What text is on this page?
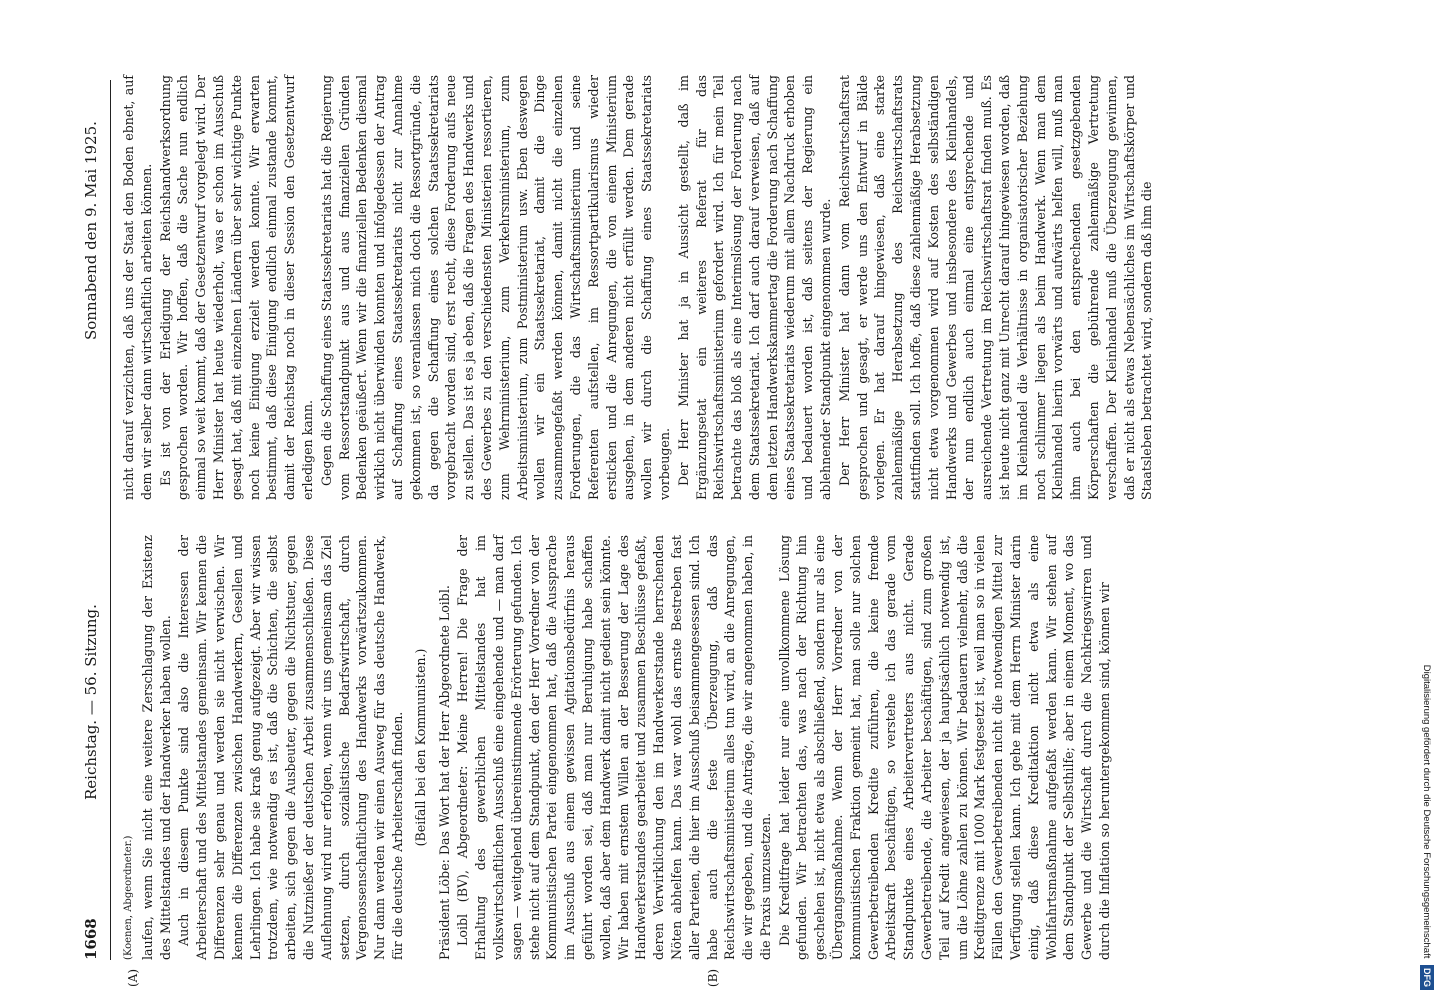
1668
Reichstag. — 56. Sitzung.
Sonnabend den 9. Mai 1925.
(A)	(B)

(Koenen, Abgeordneter.) laufen, wenn Sie nicht eine weitere Zerschlagung der Existenz des Mittelstandes und der Handwerker haben wollen. Auch in diesem Punkte sind also die Interessen der Arbeiterschaft und des Mittelstandes gemeinsam. Wir kennen die Differenzen sehr genau und werden sie nicht verwischen. Wir kennen die Differenzen zwischen Handwerkern, Gesellen und Lehrlingen. Ich habe sie kraß genug aufgezeigt. Aber wir wissen trotzdem, wie notwendig es ist, daß die Schichten, die selbst arbeiten, sich gegen die Ausbeuter, gegen die Nichtstuer, gegen die Nutznießer der deutschen Arbeit zusammenschließen. Diese Auflehnung wird nur erfolgen, wenn wir uns gemeinsam das Ziel setzen, durch sozialistische Bedarfswirtschaft, durch Vergenossenschaftlichung des Handwerks vorwärtszukommen. Nur dann werden wir einen Ausweg für das deutsche Handwerk, für die deutsche Arbeiterschaft finden. (Beifall bei den Kommunisten.) Präsident Löbe: Das Wort hat der Herr Abgeordnete Loibl. Loibl (BV), Abgeordneter: Meine Herren! Die Frage der Erhaltung des gewerblichen Mittelstandes hat im volkswirtschaftlichen Ausschuß eine eingehende und — man darf sagen — weitgehend übereinstimmende Erörterung gefunden. Ich stehe nicht auf dem Standpunkt, den der Herr Vorredner von der Kommunistischen Partei eingenommen hat, daß die Aussprache im Ausschuß aus einem gewissen Agitationsbedürfnis heraus geführt worden sei, daß man nur Beruhigung habe schaffen wollen, daß aber dem Handwerk damit nicht gedient sein könnte. Wir haben mit ernstem Willen an der Besserung der Lage des Handwerkerstandes gearbeitet und zusammen Beschlüsse gefaßt, deren Verwirklichung den im Handwerkerstande herrschenden Nöten abhelfen kann. Das war wohl das ernste Bestreben fast aller Parteien, die hier im Ausschuß beisammengesessen sind. Ich habe auch die feste Überzeugung, daß das Reichswirtschaftsministerium alles tun wird, an die Anregungen, die wir gegeben, und die Anträge, die wir angenommen haben, in die Praxis umzusetzen. Die Kreditfrage hat leider nur eine unvollkommene Lösung gefunden. Wir betrachten das, was nach der Richtung hin geschehen ist, nicht etwa als abschließend, sondern nur als eine Übergangsmaßnahme. Wenn der Herr Vorredner von der kommunistischen Fraktion gemeint hat, man solle nur solchen Gewerbetreibenden Kredite zuführen, die keine fremde Arbeitskraft beschäftigen, so verstehe ich das gerade vom Standpunkte eines Arbeitervertreters aus nicht. Gerade Gewerbetreibende, die Arbeiter beschäftigen, sind zum großen Teil auf Kredit angewiesen, der ja hauptsächlich notwendig ist, um die Löhne zahlen zu können. Wir bedauern vielmehr, daß die Kreditgrenze mit 1000 Mark festgesetzt ist, weil man so in vielen Fällen den Gewerbetreibenden nicht die notwendigen Mittel zur Verfügung stellen kann. Ich gehe mit dem Herrn Minister darin einig, daß diese Kreditaktion nicht etwa als eine Wohlfahrtsmaßnahme aufgefaßt werden kann. Wir stehen auf dem Standpunkt der Selbsthilfe; aber in einem Moment, wo das Gewerbe und die Wirtschaft durch die Nachkriegswirren und durch die Inflation so heruntergekommen sind, können wir

nicht darauf verzichten, daß uns der Staat den Boden ebnet, auf dem wir selber dann wirtschaftlich arbeiten können. Es ist von der Erledigung der Reichshandwerksordnung gesprochen worden. Wir hoffen, daß die Sache nun endlich einmal so weit kommt, daß der Gesetzentwurf vorgelegt wird. Der Herr Minister hat heute wiederholt, was er schon im Ausschuß gesagt hat, daß mit einzelnen Ländern über sehr wichtige Punkte noch keine Einigung erzielt werden konnte. Wir erwarten bestimmt, daß diese Einigung endlich einmal zustande kommt, damit der Reichstag noch in dieser Session den Gesetzentwurf erledigen kann. Gegen die Schaffung eines Staatssekretariats hat die Regierung vom Ressortstandpunkt aus und aus finanziellen Gründen Bedenken geäußert. Wenn wir die finanziellen Bedenken diesmal wirklich nicht überwinden konnten und infolgedessen der Antrag auf Schaffung eines Staatssekretariats nicht zur Annahme gekommen ist, so veranlassen mich doch die Ressortgründe, die da gegen die Schaffung eines solchen Staatssekretariats vorgebracht worden sind, erst recht, diese Forderung aufs neue zu stellen. Das ist es ja eben, daß die Fragen des Handwerks und des Gewerbes zu den verschiedensten Ministerien ressortieren, zum Wehrministerium, zum Verkehrsministerium, zum Arbeitsministerium, zum Postministerium usw. Eben deswegen wollen wir ein Staatssekretariat, damit die Dinge zusammengefaßt werden können, damit nicht die einzelnen Forderungen, die das Wirtschaftsministerium und seine Referenten aufstellen, im Ressortpartikularismus wieder ersticken und die Anregungen, die von einem Ministerium ausgehen, in dem anderen nicht erfüllt werden. Dem gerade wollen wir durch die Schaffung eines Staatssekretariats vorbeugen. Der Herr Minister hat ja in Aussicht gestellt, daß im Ergänzungsetat ein weiteres Referat für das Reichswirtschaftsministerium gefordert wird. Ich für mein Teil betrachte das bloß als eine Interimslösung der Forderung nach dem Staatssekretariat. Ich darf auch darauf verweisen, daß auf dem letzten Handwerkskammertag die Forderung nach Schaffung eines Staatssekretariats wiederum mit allem Nachdruck erhoben und bedauert worden ist, daß seitens der Regierung ein ablehnender Standpunkt eingenommen wurde. Der Herr Minister hat dann vom Reichswirtschaftsrat gesprochen und gesagt, er werde uns den Entwurf in Bälde vorlegen. Er hat darauf hingewiesen, daß eine starke zahlenmäßige Herabsetzung des Reichswirtschaftsrats stattfinden soll. Ich hoffe, daß diese zahlenmäßige Herabsetzung nicht etwa vorgenommen wird auf Kosten des selbständigen Handwerks und Gewerbes und insbesondere des Kleinhandels, der nun endlich auch einmal eine entsprechende und ausreichende Vertretung im Reichswirtschaftsrat finden muß. Es ist heute nicht ganz mit Unrecht darauf hingewiesen worden, daß im Kleinhandel die Verhältnisse in organisatorischer Beziehung noch schlimmer liegen als beim Handwerk. Wenn man dem Kleinhandel hierin vorwärts und aufwärts helfen will, muß man ihm auch bei den entsprechenden gesetzgebenden Körperschaften die gebührende zahlenmäßige Vertretung verschaffen. Der Kleinhandel muß die Überzeugung gewinnen, daß er nicht als etwas Nebensächliches im Wirtschaftskörper und Staatsleben betrachtet wird, sondern daß ihm die

Digitalisierung gefördert durch die Deutsche Forschungsgemeinschaft DFG
